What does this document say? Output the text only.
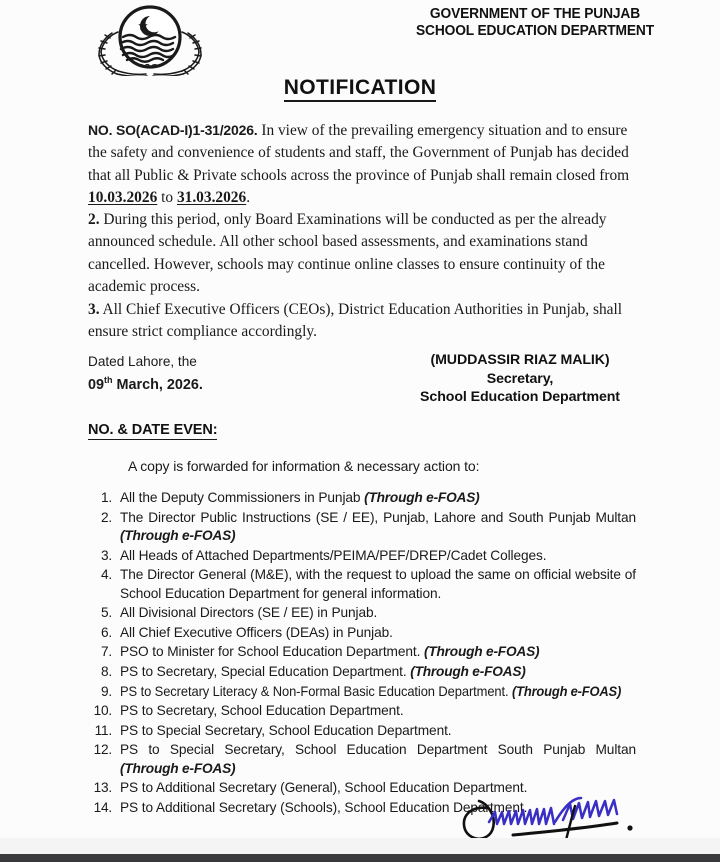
GOVERNMENT OF THE PUNJAB
SCHOOL EDUCATION DEPARTMENT
NOTIFICATION
NO. SO(ACAD-I)1-31/2026. In view of the prevailing emergency situation and to ensure the safety and convenience of students and staff, the Government of Punjab has decided that all Public & Private schools across the province of Punjab shall remain closed from 10.03.2026 to 31.03.2026.
2. During this period, only Board Examinations will be conducted as per the already announced schedule. All other school based assessments, and examinations stand cancelled. However, schools may continue online classes to ensure continuity of the academic process.
3. All Chief Executive Officers (CEOs), District Education Authorities in Punjab, shall ensure strict compliance accordingly.
Dated Lahore, the
09th March, 2026.
(MUDDASSIR RIAZ MALIK)
Secretary,
School Education Department
NO. & DATE EVEN:
A copy is forwarded for information & necessary action to:
1. All the Deputy Commissioners in Punjab (Through e-FOAS)
2. The Director Public Instructions (SE / EE), Punjab, Lahore and South Punjab Multan (Through e-FOAS)
3. All Heads of Attached Departments/PEIMA/PEF/DREP/Cadet Colleges.
4. The Director General (M&E), with the request to upload the same on official website of School Education Department for general information.
5. All Divisional Directors (SE / EE) in Punjab.
6. All Chief Executive Officers (DEAs) in Punjab.
7. PSO to Minister for School Education Department. (Through e-FOAS)
8. PS to Secretary, Special Education Department. (Through e-FOAS)
9. PS to Secretary Literacy & Non-Formal Basic Education Department. (Through e-FOAS)
10. PS to Secretary, School Education Department.
11. PS to Special Secretary, School Education Department.
12. PS to Special Secretary, School Education Department South Punjab Multan (Through e-FOAS)
13. PS to Additional Secretary (General), School Education Department.
14. PS to Additional Secretary (Schools), School Education Department.
